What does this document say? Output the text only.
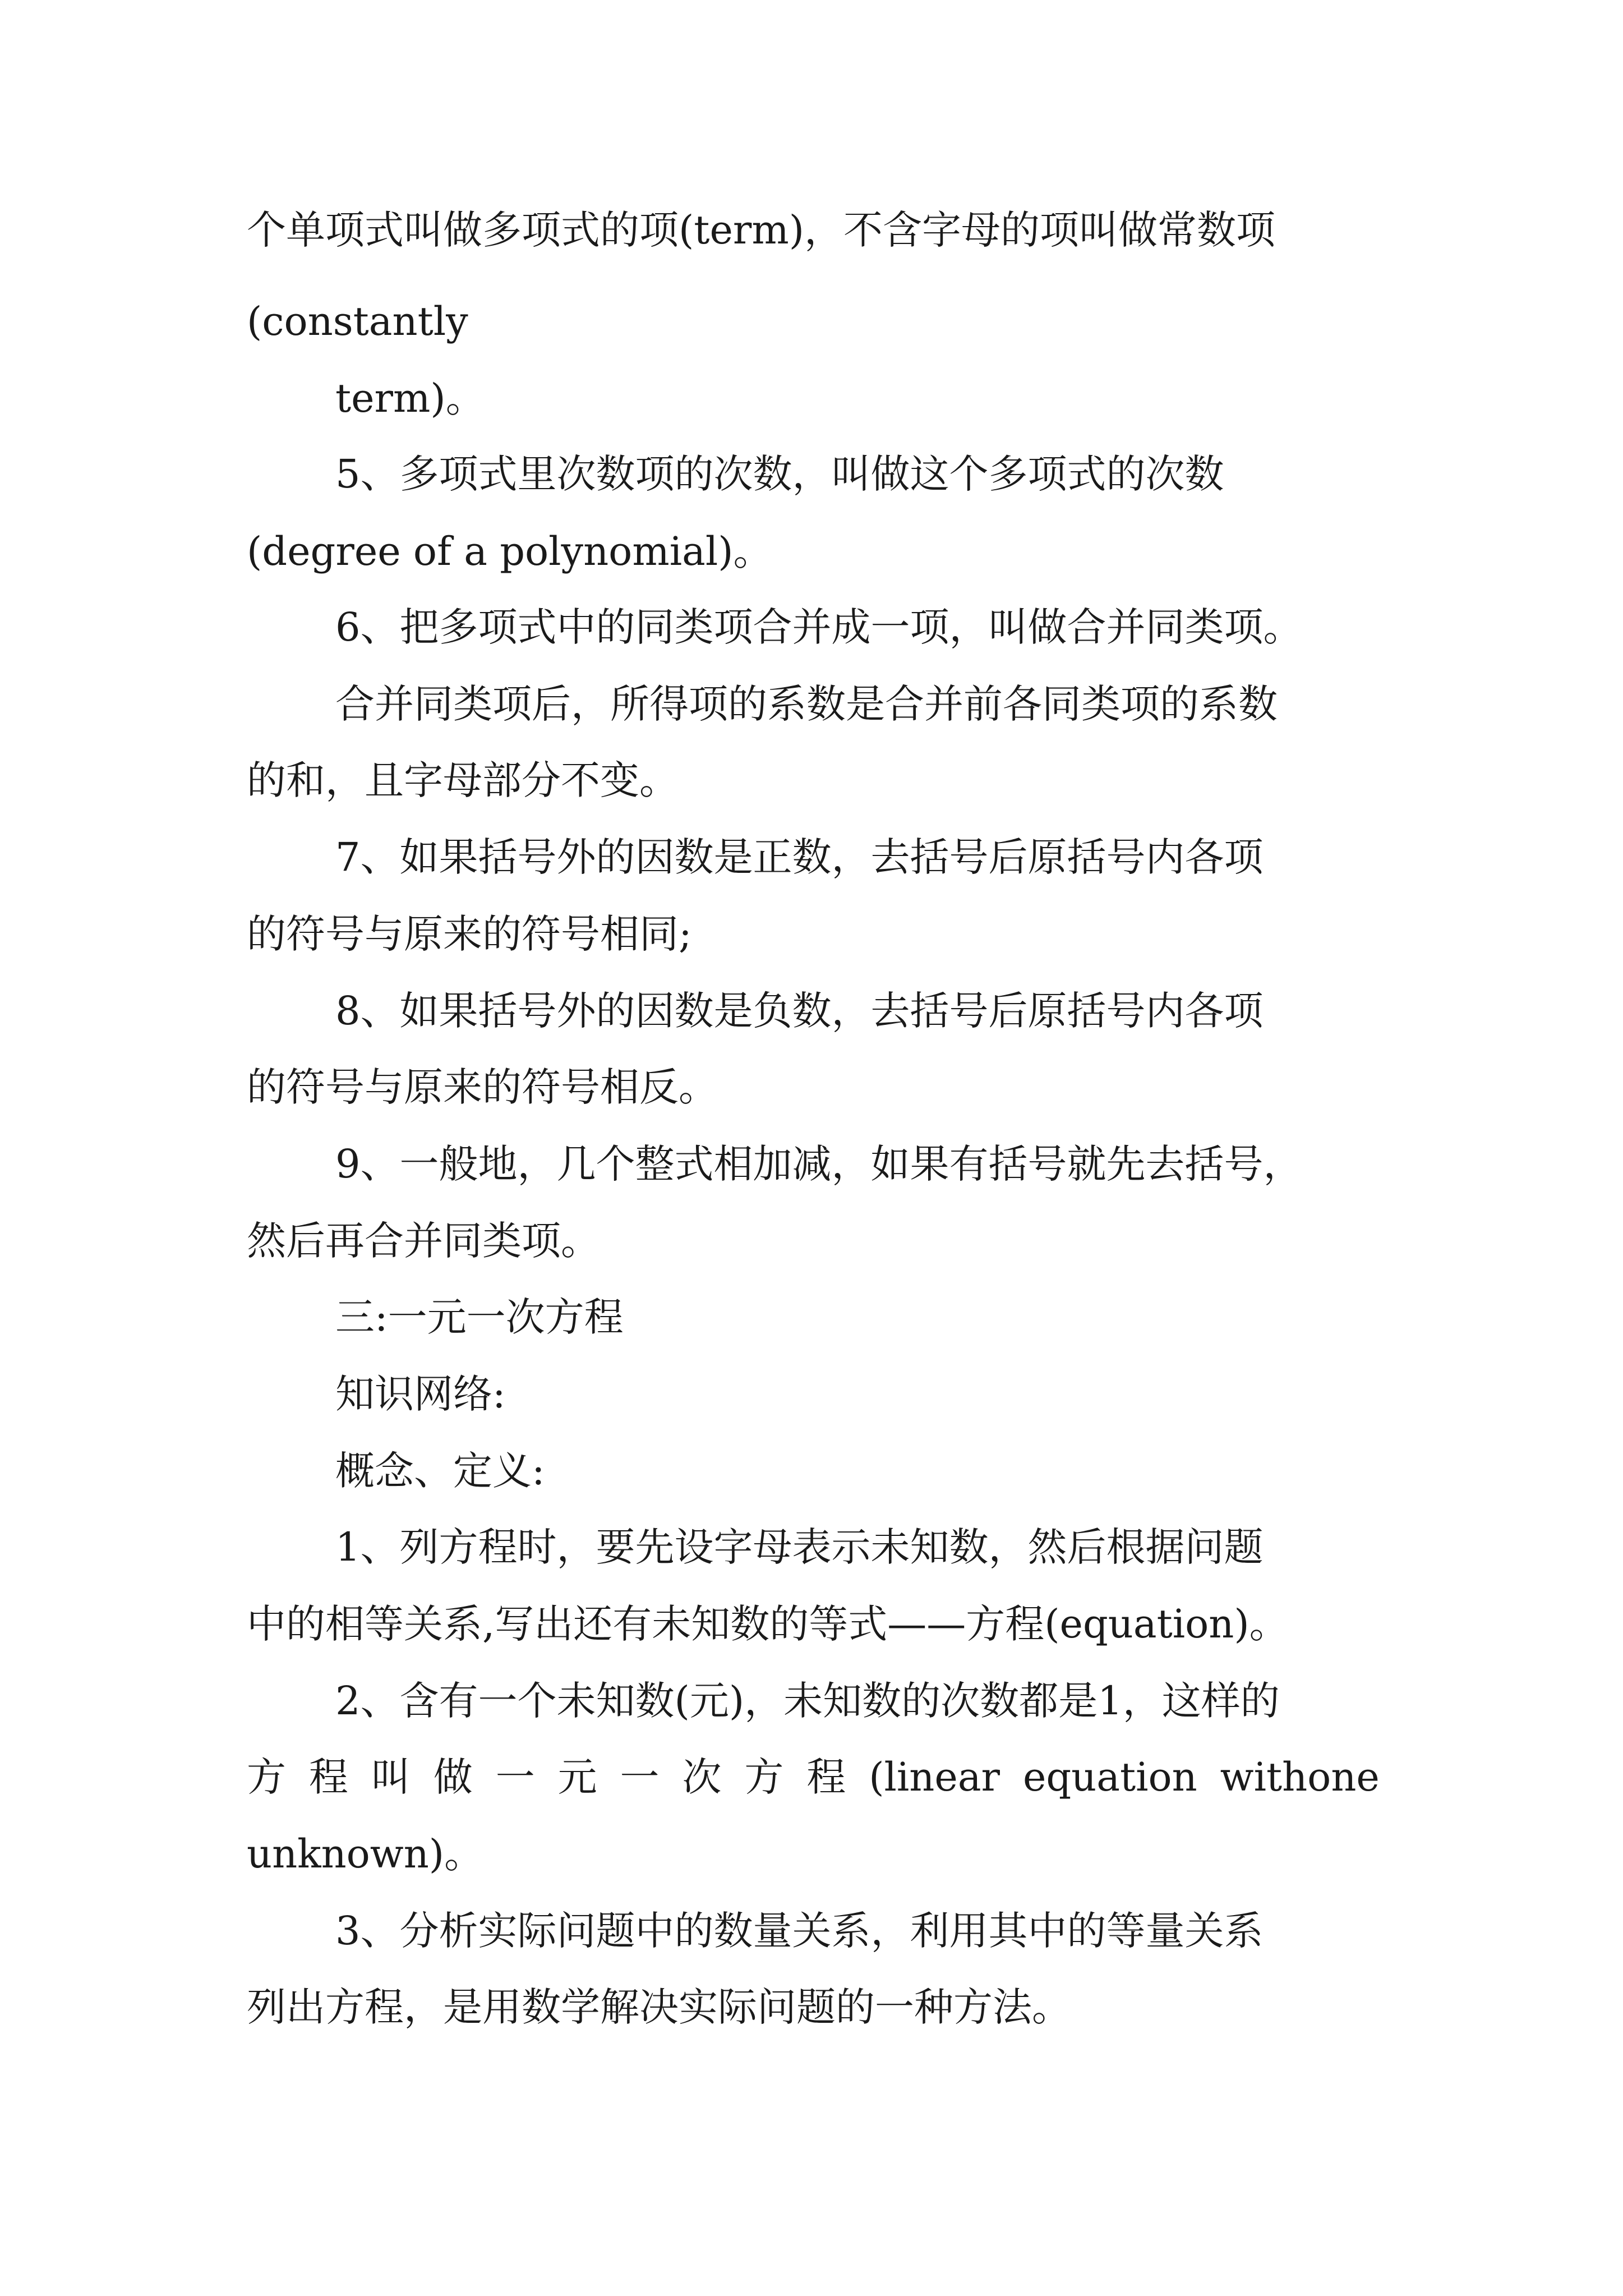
个单项式叫做多项式的项(term)，不含字母的项叫做常数项
(constantly
term)。
5、多项式里次数项的次数，叫做这个多项式的次数
(degree of a polynomial)。
6、把多项式中的同类项合并成一项，叫做合并同类项。
合并同类项后，所得项的系数是合并前各同类项的系数
的和，且字母部分不变。
7、如果括号外的因数是正数，去括号后原括号内各项
的符号与原来的符号相同;
8、如果括号外的因数是负数，去括号后原括号内各项
的符号与原来的符号相反。
9、一般地，几个整式相加减，如果有括号就先去括号，
然后再合并同类项。
三:一元一次方程
知识网络:
概念、定义:
1、列方程时，要先设字母表示未知数，然后根据问题
中的相等关系,写出还有未知数的等式——方程(equation)。
2、含有一个未知数(元)，未知数的次数都是1，这样的
方 程 叫 做 一 元 一 次 方 程 (linear equation withone
unknown)。
3、分析实际问题中的数量关系，利用其中的等量关系
列出方程，是用数学解决实际问题的一种方法。
